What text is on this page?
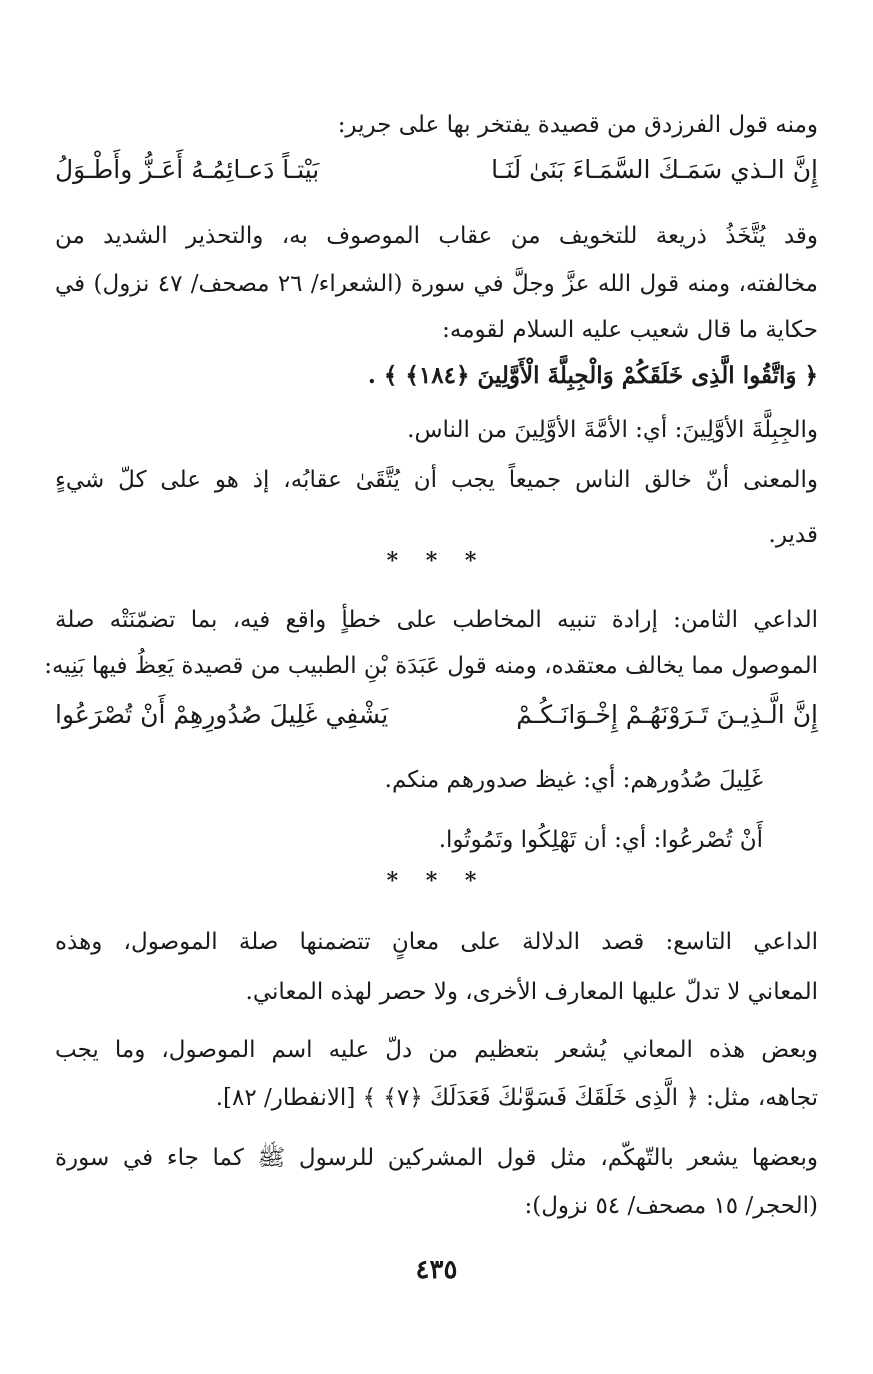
ومنه قول الفرزدق من قصيدة يفتخر بها على جرير:
إِنَّ الـذي سَمَـكَ السَّمَـاءَ بَنَىٰ لَنَـا
بَيْتـاً دَعـائِمُـهُ أَعَـزُّ وأَطْـوَلُ
وقد يُتَّخَذُ ذريعة للتخويف من عقاب الموصوف به، والتحذير الشديد من
مخالفته، ومنه قول الله عزَّ وجلَّ في سورة (الشعراء/ ٢٦ مصحف/ ٤٧ نزول) في
حكاية ما قال شعيب عليه السلام لقومه:
﴿ وَاتَّقُوا الَّذِى خَلَقَكُمْ وَالْجِبِلَّةَ الْأَوَّلِينَ ﴿١٨٤﴾ ﴾ .
والجِبِلَّةَ الأوَّلِينَ: أي: الأمَّةَ الأوَّلِينَ من الناس.
والمعنى أنّ خالق الناس جميعاً يجب أن يُتَّقَىٰ عقابُه، إذ هو على كلّ شيءٍ
قدير.
* * *
الداعي الثامن: إرادة تنبيه المخاطب على خطأٍ واقع فيه، بما تضمّنَتْه صلة
الموصول مما يخالف معتقده، ومنه قول عَبَدَة بْنِ الطبيب من قصيدة يَعِظُ فيها بَنِيه:
إِنَّ الَّـذِيـنَ تَـرَوْنَهُـمْ إِخْـوَانَـكُـمْ
يَشْفِي غَلِيلَ صُدُورِهِمْ أَنْ تُصْرَعُوا
غَلِيلَ صُدُورهم: أي: غيظ صدورهم منكم.
أَنْ تُصْرعُوا: أي: أن تَهْلِكُوا وتَمُوتُوا.
* * *
الداعي التاسع: قصد الدلالة على معانٍ تتضمنها صلة الموصول، وهذه
المعاني لا تدلّ عليها المعارف الأخرى، ولا حصر لهذه المعاني.
وبعض هذه المعاني يُشعر بتعظيم من دلّ عليه اسم الموصول، وما يجب
تجاهه، مثل: ﴿ الَّذِى خَلَقَكَ فَسَوَّىٰكَ فَعَدَلَكَ ﴿٧﴾ ﴾ [الانفطار/ ٨٢].
وبعضها يشعر بالتّهكّم، مثل قول المشركين للرسول ﷺ كما جاء في سورة
(الحجر/ ١٥ مصحف/ ٥٤ نزول):
٤٣٥
